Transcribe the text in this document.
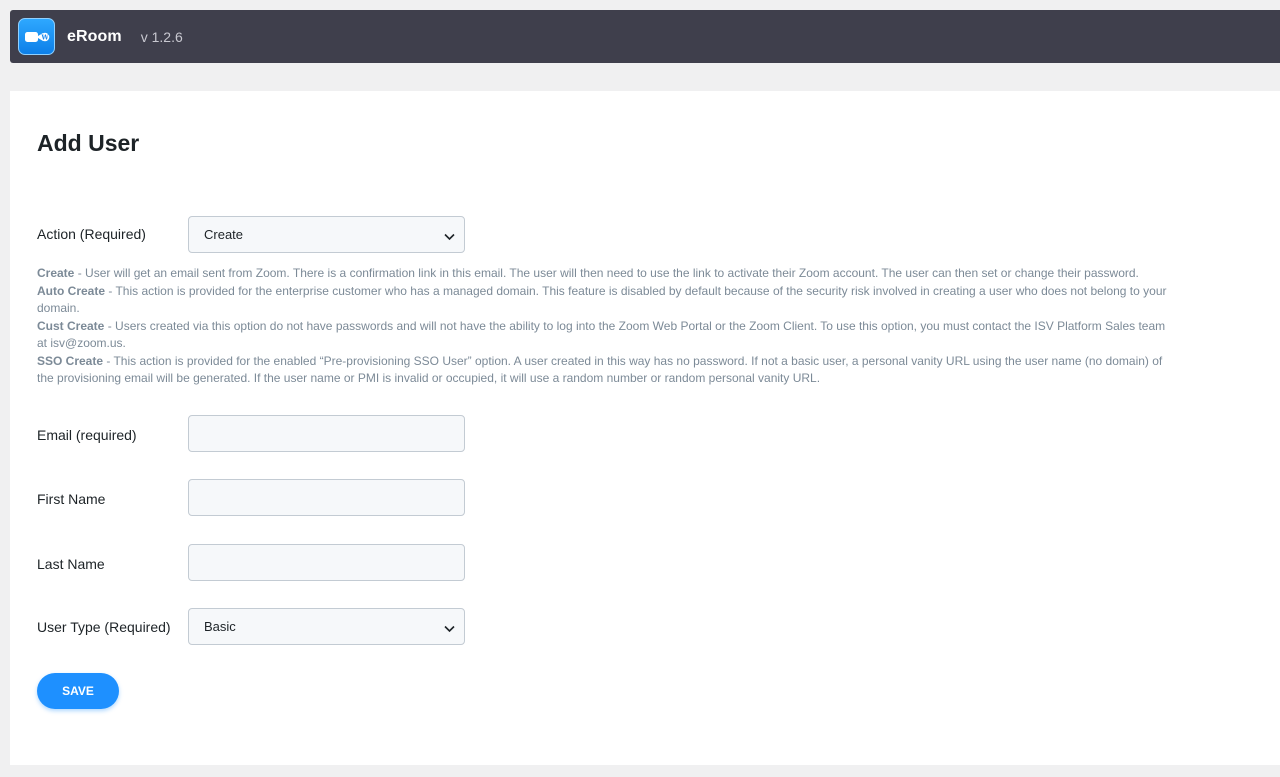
W eRoom v 1.2.6
Add User
Action (Required)	Create
Create - User will get an email sent from Zoom. There is a confirmation link in this email. The user will then need to use the link to activate their Zoom account. The user can then set or change their password.
Auto Create - This action is provided for the enterprise customer who has a managed domain. This feature is disabled by default because of the security risk involved in creating a user who does not belong to your domain.
Cust Create - Users created via this option do not have passwords and will not have the ability to log into the Zoom Web Portal or the Zoom Client. To use this option, you must contact the ISV Platform Sales team at isv@zoom.us.
SSO Create - This action is provided for the enabled “Pre-provisioning SSO User” option. A user created in this way has no password. If not a basic user, a personal vanity URL using the user name (no domain) of the provisioning email will be generated. If the user name or PMI is invalid or occupied, it will use a random number or random personal vanity URL.
Email (required)
First Name
Last Name
User Type (Required)	Basic
SAVE
